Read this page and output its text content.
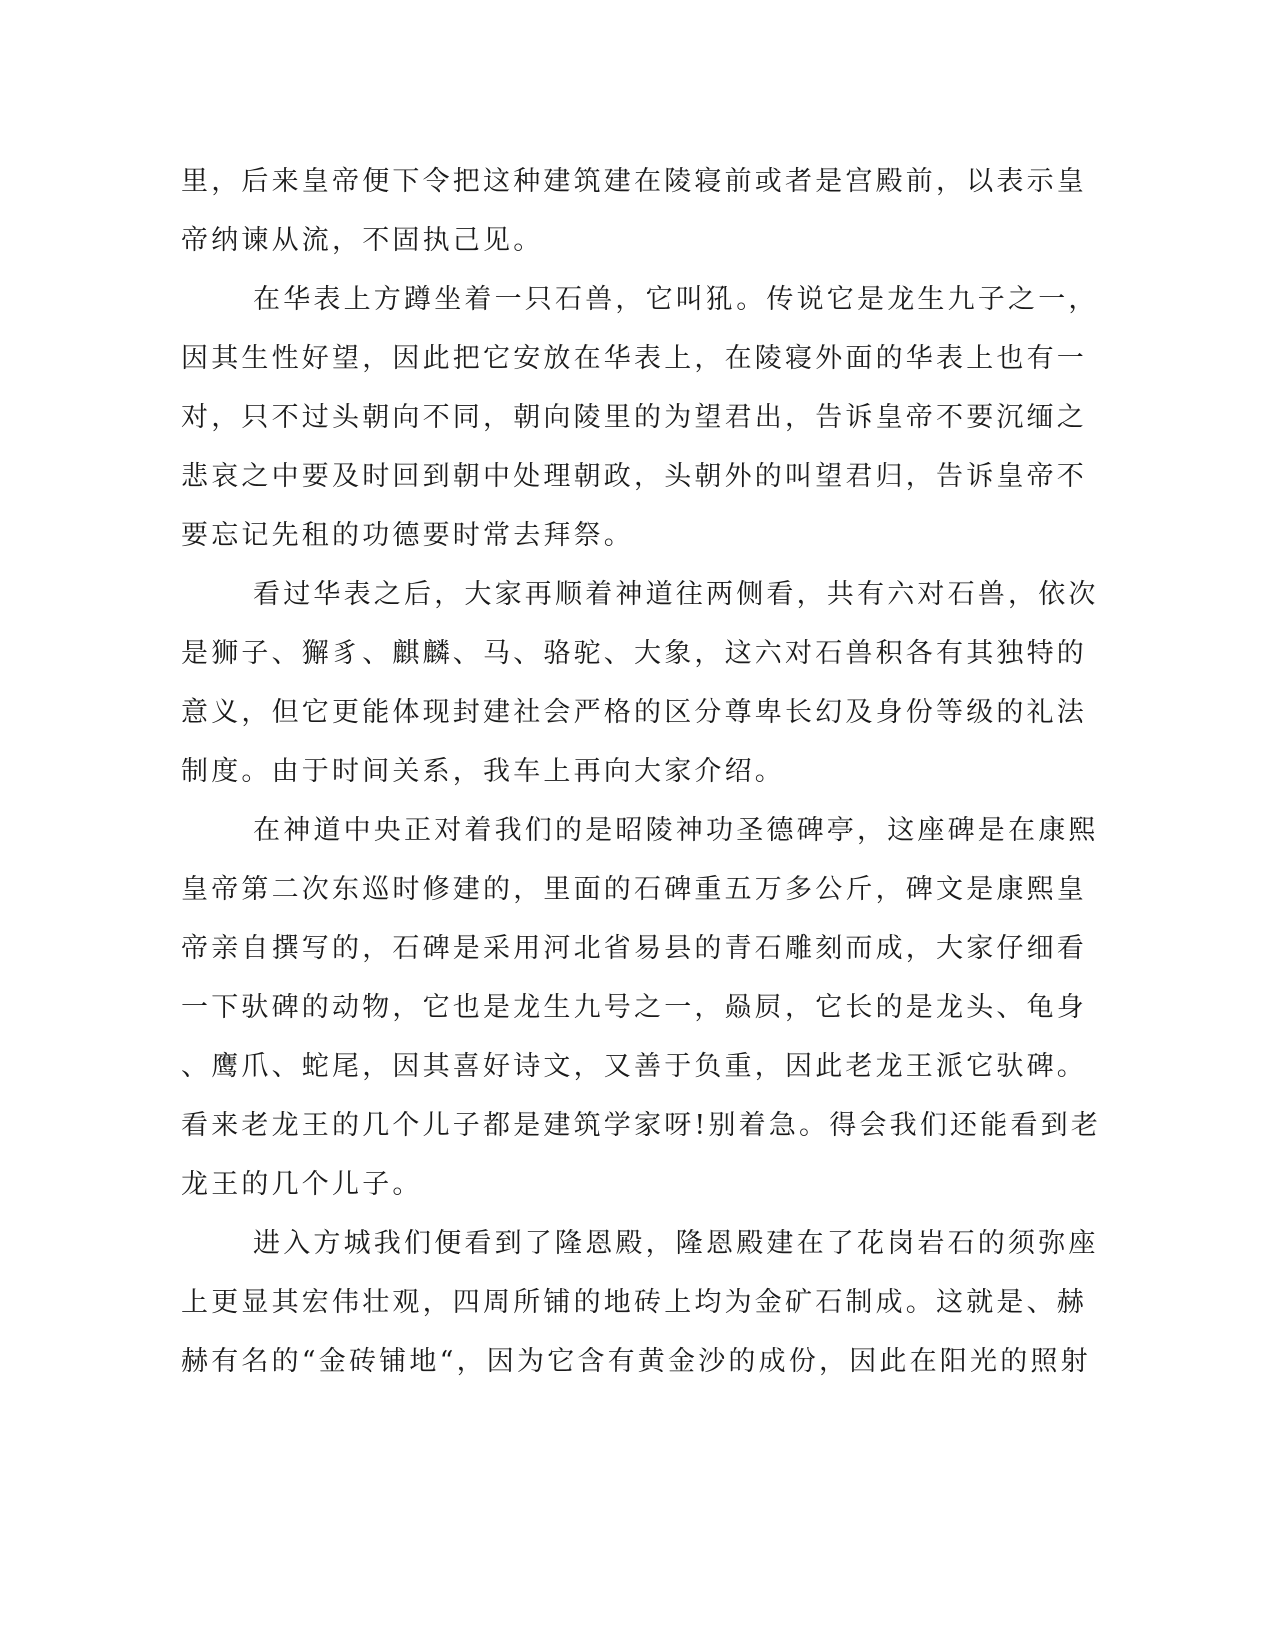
里，后来皇帝便下令把这种建筑建在陵寝前或者是宫殿前，以表示皇
帝纳谏从流，不固执己见。
在华表上方蹲坐着一只石兽，它叫犼。传说它是龙生九子之一，
因其生性好望，因此把它安放在华表上，在陵寝外面的华表上也有一
对，只不过头朝向不同，朝向陵里的为望君出，告诉皇帝不要沉缅之
悲哀之中要及时回到朝中处理朝政，头朝外的叫望君归，告诉皇帝不
要忘记先租的功德要时常去拜祭。
看过华表之后，大家再顺着神道往两侧看，共有六对石兽，依次
是狮子、獬豸、麒麟、马、骆驼、大象，这六对石兽积各有其独特的
意义，但它更能体现封建社会严格的区分尊卑长幻及身份等级的礼法
制度。由于时间关系，我车上再向大家介绍。
在神道中央正对着我们的是昭陵神功圣德碑亭，这座碑是在康熙
皇帝第二次东巡时修建的，里面的石碑重五万多公斤，碑文是康熙皇
帝亲自撰写的，石碑是采用河北省易县的青石雕刻而成，大家仔细看
一下驮碑的动物，它也是龙生九号之一，赑屃，它长的是龙头、龟身
、鹰爪、蛇尾，因其喜好诗文，又善于负重，因此老龙王派它驮碑。
看来老龙王的几个儿子都是建筑学家呀!别着急。得会我们还能看到老
龙王的几个儿子。
进入方城我们便看到了隆恩殿，隆恩殿建在了花岗岩石的须弥座
上更显其宏伟壮观，四周所铺的地砖上均为金矿石制成。这就是、赫
赫有名的“金砖铺地“，因为它含有黄金沙的成份，因此在阳光的照射
